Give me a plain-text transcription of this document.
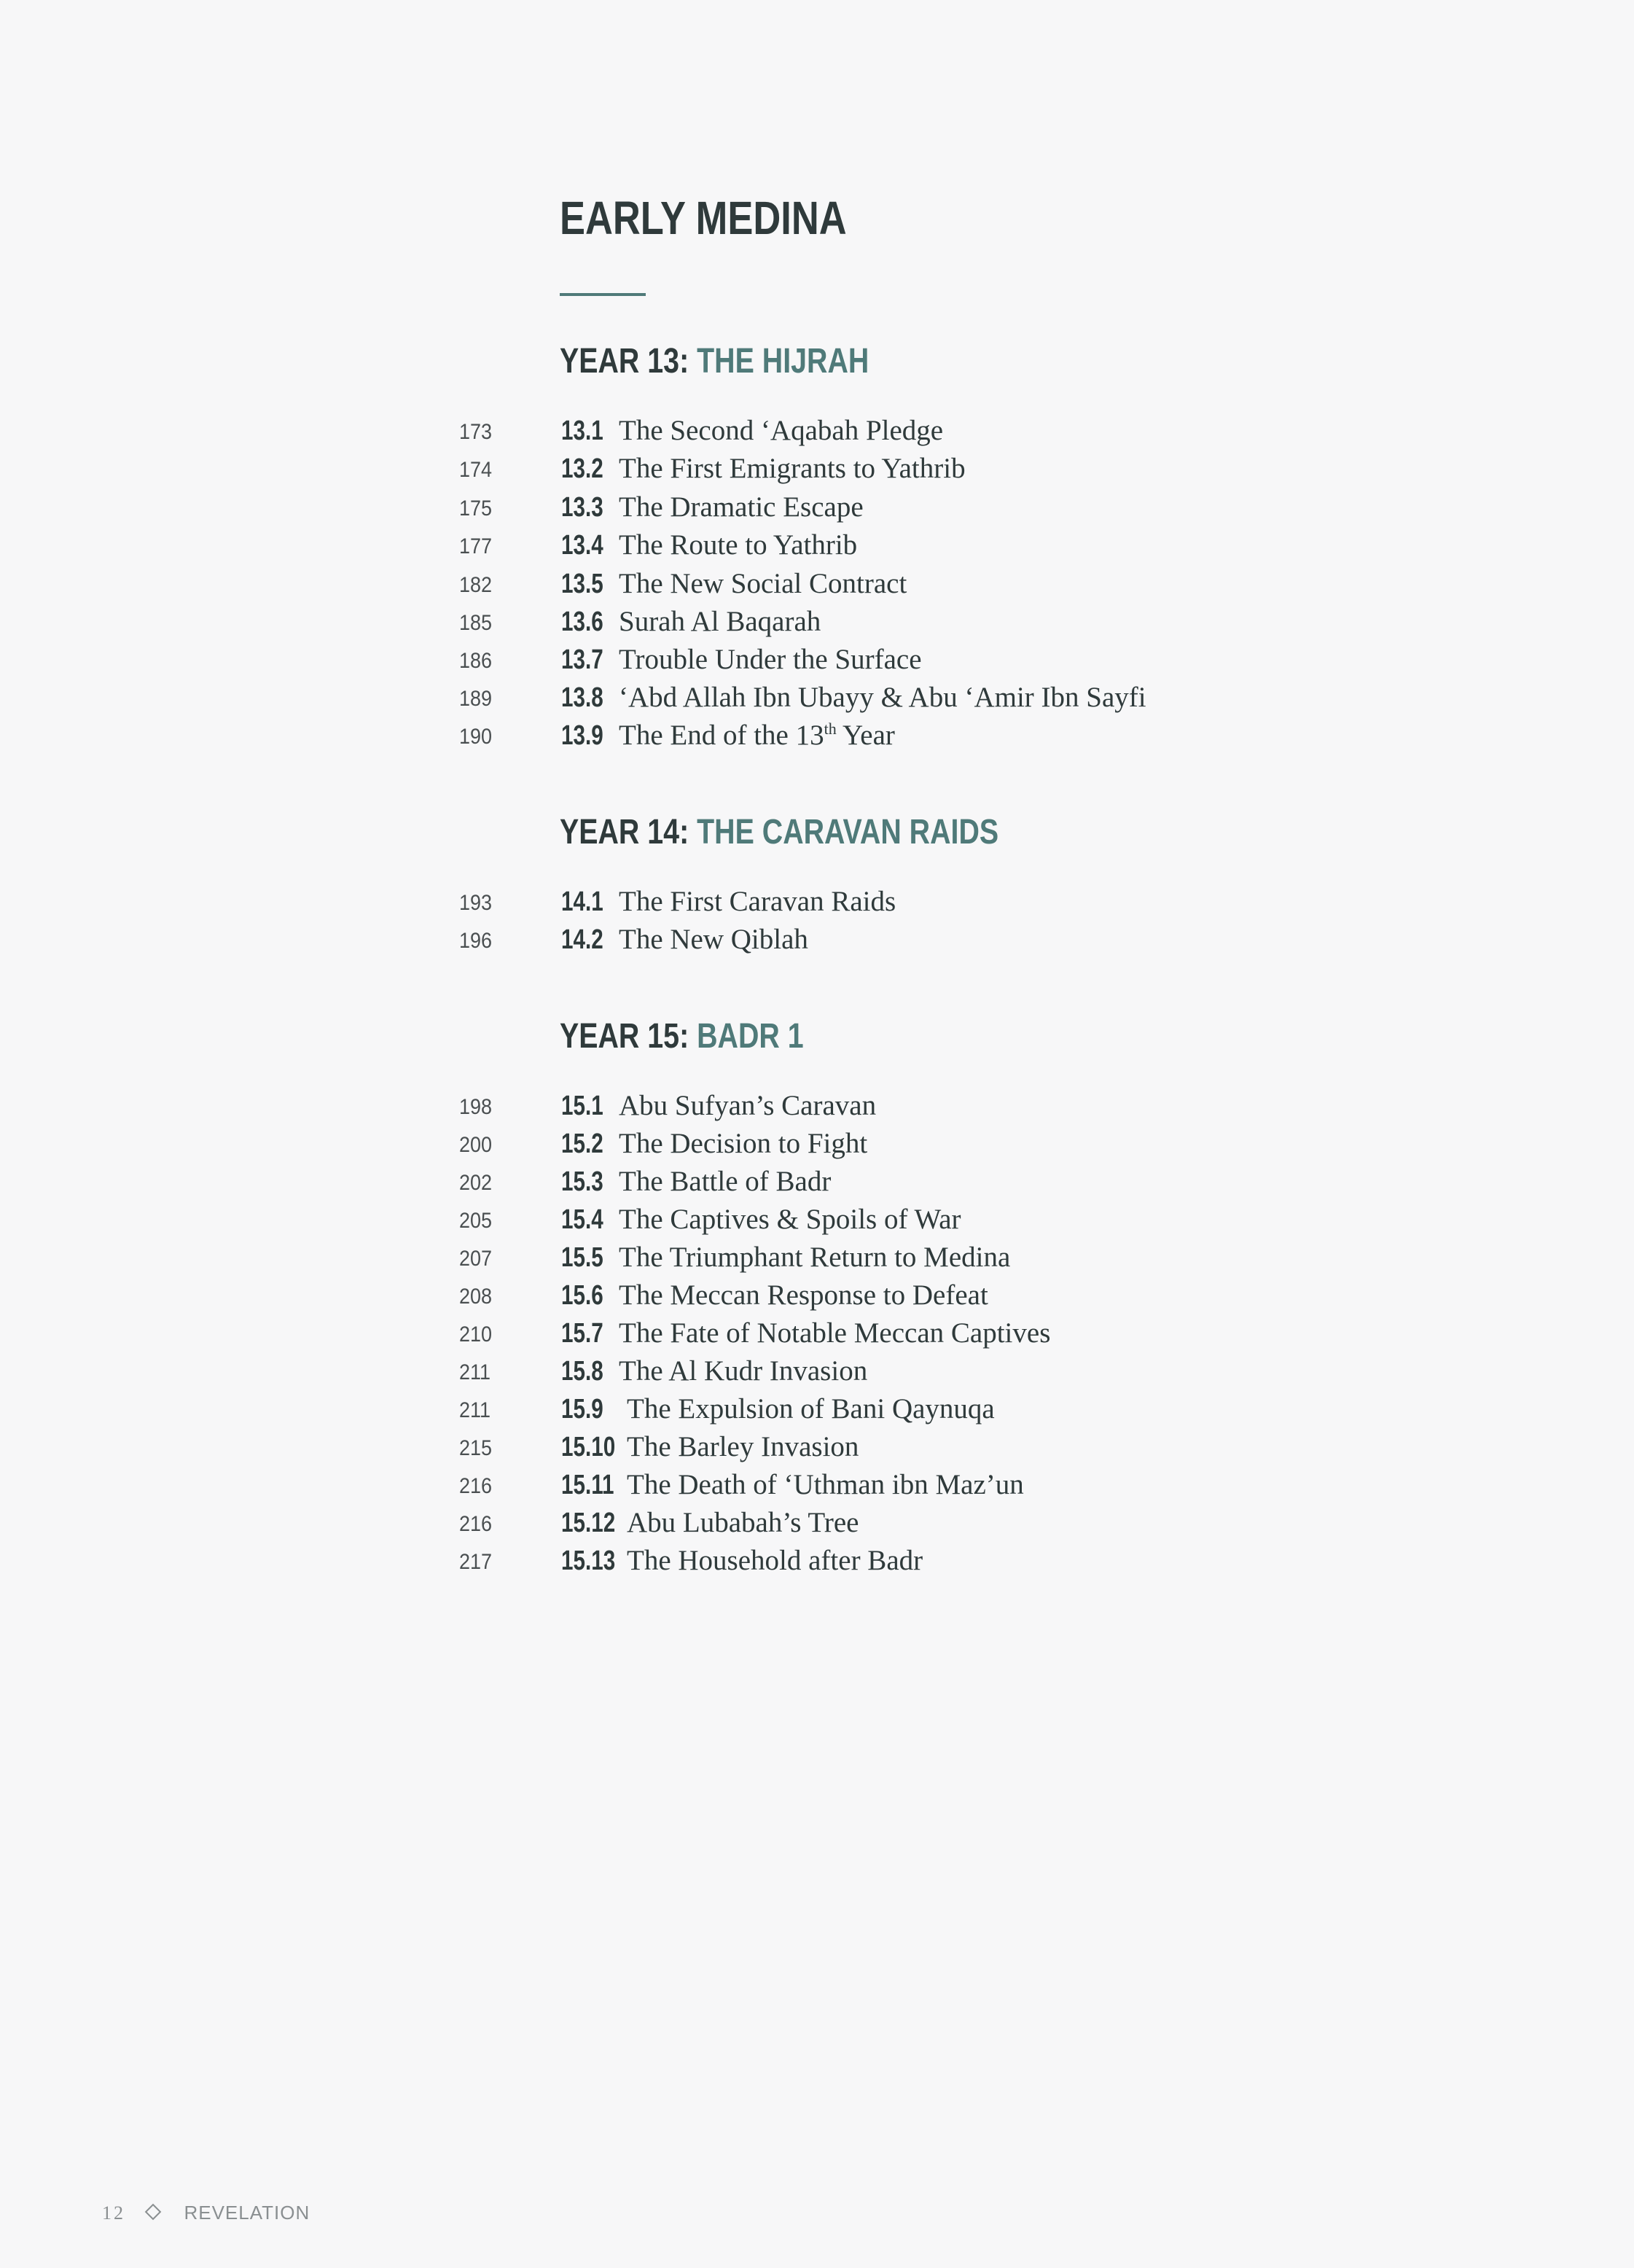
EARLY MEDINA
YEAR 13: THE HIJRAH
173	13.1 The Second ‘Aqabah Pledge
174	13.2 The First Emigrants to Yathrib
175	13.3 The Dramatic Escape
177	13.4 The Route to Yathrib
182	13.5 The New Social Contract
185	13.6 Surah Al Baqarah
186	13.7 Trouble Under the Surface
189	13.8 ‘Abd Allah Ibn Ubayy & Abu ‘Amir Ibn Sayfi
190	13.9 The End of the 13th Year
YEAR 14: THE CARAVAN RAIDS
193	14.1 The First Caravan Raids
196	14.2 The New Qiblah
YEAR 15: BADR 1
198	15.1 Abu Sufyan’s Caravan
200	15.2 The Decision to Fight
202	15.3 The Battle of Badr
205	15.4 The Captives & Spoils of War
207	15.5 The Triumphant Return to Medina
208	15.6 The Meccan Response to Defeat
210	15.7 The Fate of Notable Meccan Captives
211	15.8 The Al Kudr Invasion
211	15.9 The Expulsion of Bani Qaynuqa
215	15.10 The Barley Invasion
216	15.11 The Death of ‘Uthman ibn Maz’un
216	15.12 Abu Lubabah’s Tree
217	15.13 The Household after Badr
12	REVELATION
